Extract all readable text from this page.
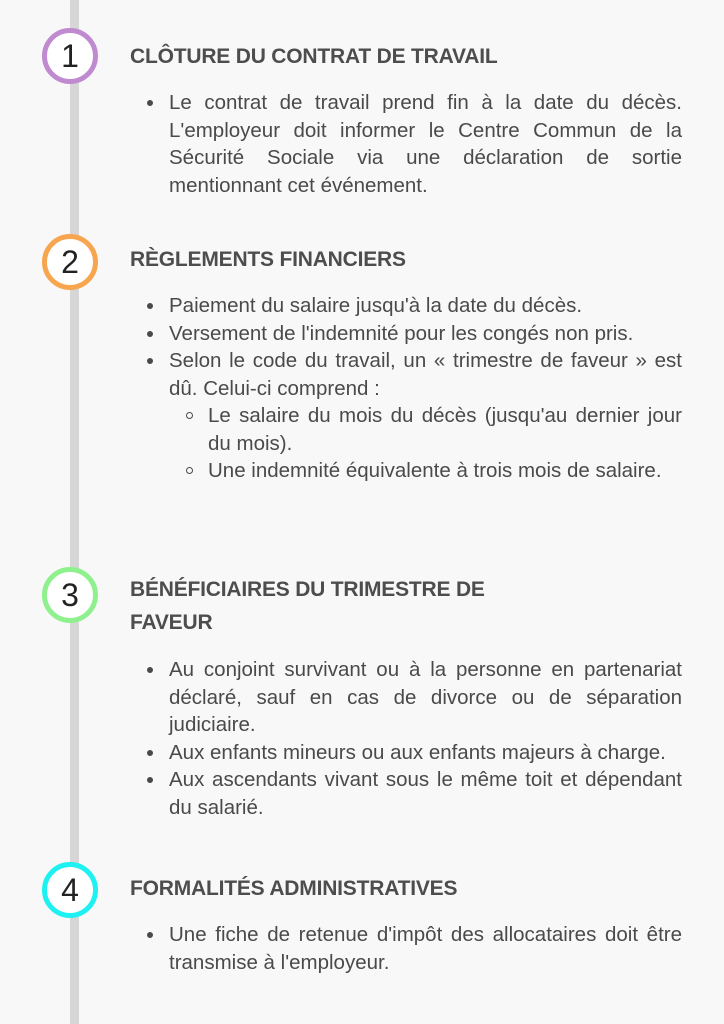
1 CLÔTURE DU CONTRAT DE TRAVAIL
Le contrat de travail prend fin à la date du décès. L'employeur doit informer le Centre Commun de la Sécurité Sociale via une déclaration de sortie mentionnant cet événement.
2 RÈGLEMENTS FINANCIERS
Paiement du salaire jusqu'à la date du décès.
Versement de l'indemnité pour les congés non pris.
Selon le code du travail, un « trimestre de faveur » est dû. Celui-ci comprend :
Le salaire du mois du décès (jusqu'au dernier jour du mois).
Une indemnité équivalente à trois mois de salaire.
3 BÉNÉFICIAIRES DU TRIMESTRE DE
FAVEUR
Au conjoint survivant ou à la personne en partenariat déclaré, sauf en cas de divorce ou de séparation judiciaire.
Aux enfants mineurs ou aux enfants majeurs à charge.
Aux ascendants vivant sous le même toit et dépendant du salarié.
4 FORMALITÉS ADMINISTRATIVES
Une fiche de retenue d'impôt des allocataires doit être transmise à l'employeur.
